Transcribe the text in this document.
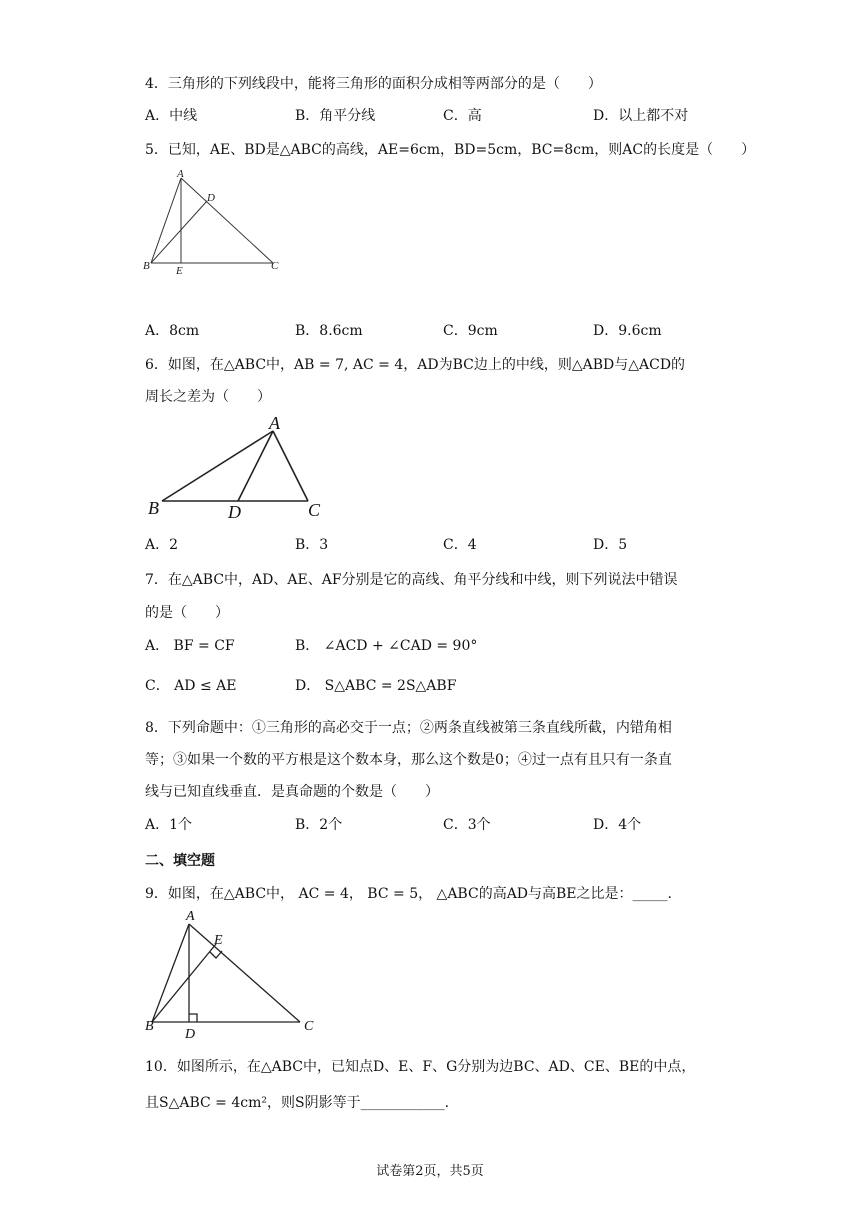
4．三角形的下列线段中，能将三角形的面积分成相等两部分的是（　　）
A．中线	B．角平分线	C．高	D．以上都不对
5．已知，AE、BD是△ABC的高线，AE=6cm，BD=5cm，BC=8cm，则AC的长度是（　　）
A
D
B E	C
A．8cm	B．8.6cm	C．9cm	D．9.6cm
6．如图，在△ABC中，AB = 7, AC = 4，AD为BC边上的中线，则△ABD与△ACD的
周长之差为（　　）
A
B	D	C
A．2	B．3	C．4	D．5
7．在△ABC中，AD、AE、AF分别是它的高线、角平分线和中线，则下列说法中错误
的是（　　）
A． BF = CF	B． ∠ACD + ∠CAD = 90°
C． AD ≤ AE	D． S△ABC = 2S△ABF
8．下列命题中：①三角形的高必交于一点；②两条直线被第三条直线所截，内错角相
等；③如果一个数的平方根是这个数本身，那么这个数是0；④过一点有且只有一条直
线与已知直线垂直．是真命题的个数是（　　）
A．1个	B．2个	C．3个	D．4个
二、填空题
9．如图，在△ABC中， AC = 4， BC = 5， △ABC的高AD与高BE之比是：_____.
A
E
B
D
C
10．如图所示，在△ABC中，已知点D、E、F、G分别为边BC、AD、CE、BE的中点，
且S△ABC = 4cm²，则S阴影等于____________.
试卷第2页，共5页
